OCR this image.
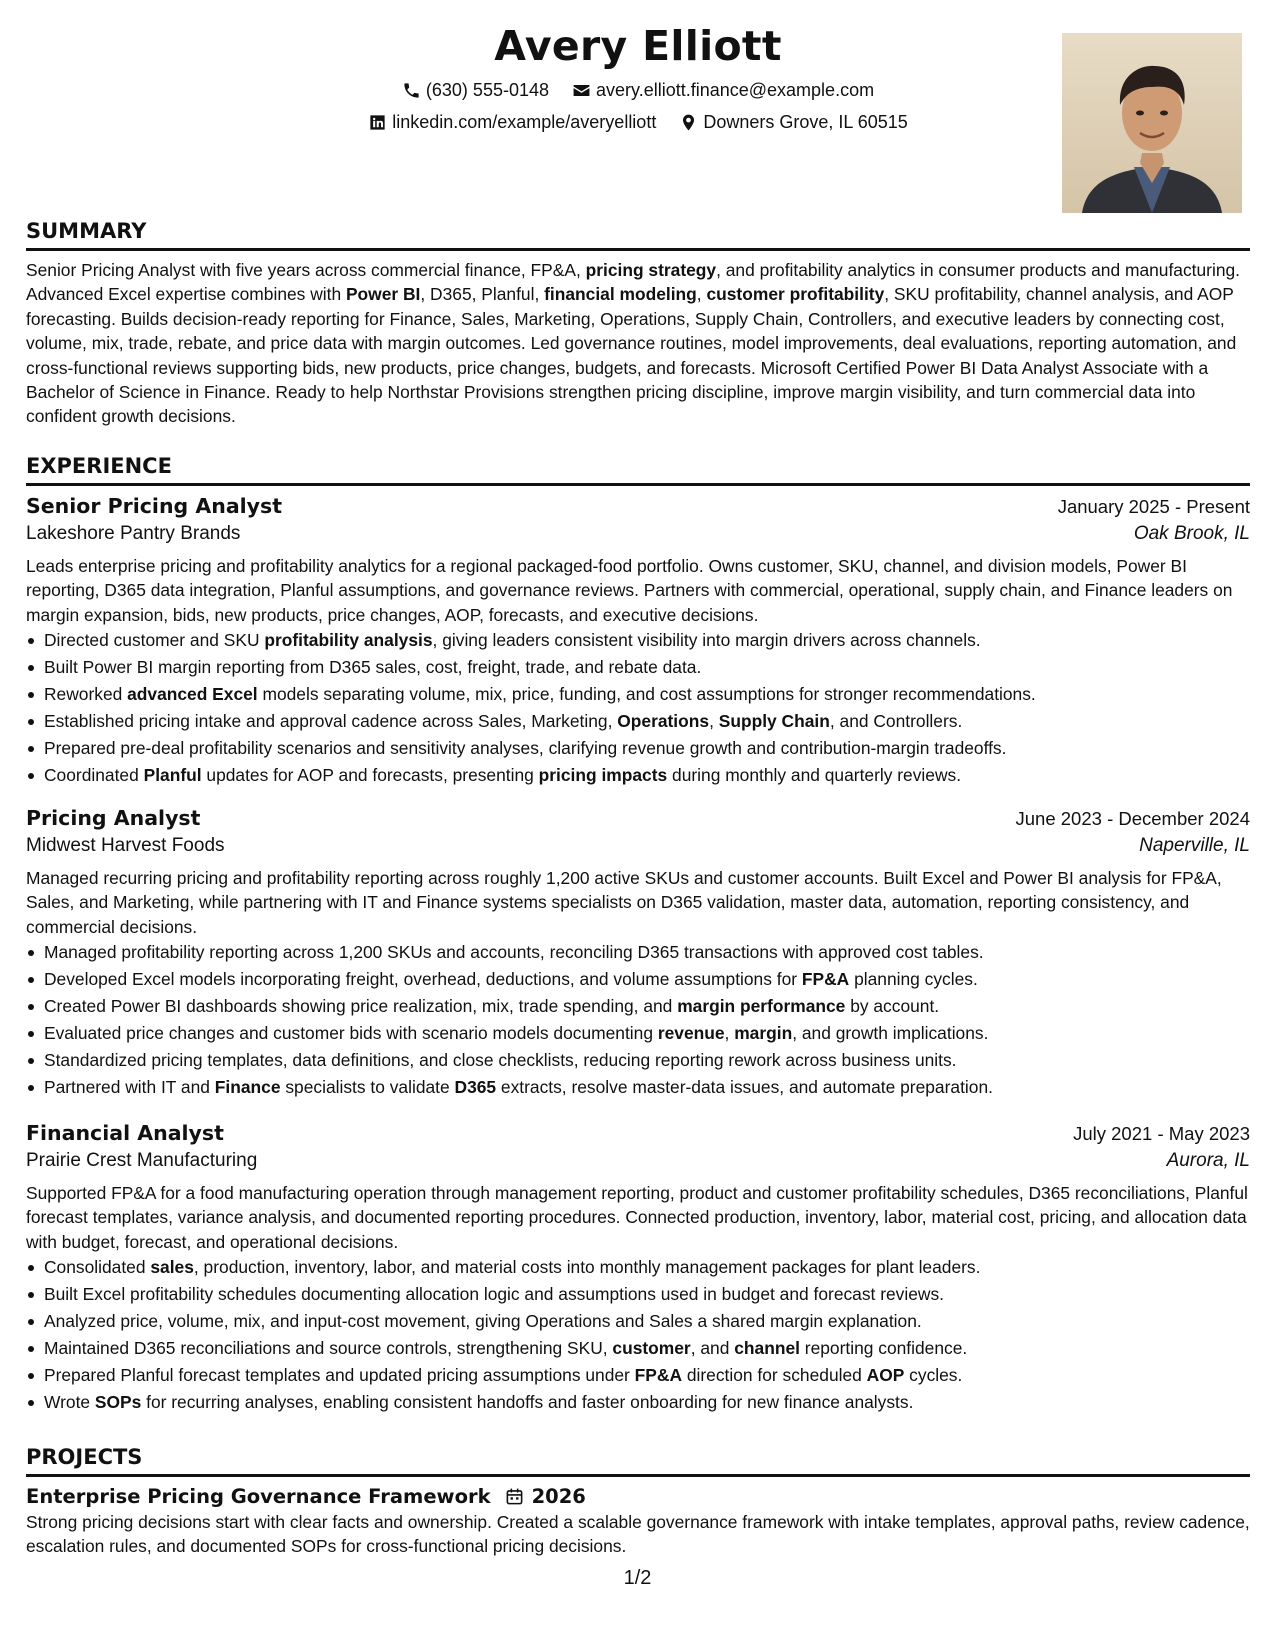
Avery Elliott
(630) 555-0148
	avery.elliott.finance@example.com
linkedin.com/example/averyelliott
	Downers Grove, IL 60515
SUMMARY

Senior Pricing Analyst with five years across commercial finance, FP&A, pricing strategy, and profitability analytics in consumer products and manufacturing. Advanced Excel expertise combines with Power BI, D365, Planful, financial modeling, customer profitability, SKU profitability, channel analysis, and AOP forecasting. Builds decision-ready reporting for Finance, Sales, Marketing, Operations, Supply Chain, Controllers, and executive leaders by connecting cost, volume, mix, trade, rebate, and price data with margin outcomes. Led governance routines, model improvements, deal evaluations, reporting automation, and cross-functional reviews supporting bids, new products, price changes, budgets, and forecasts. Microsoft Certified Power BI Data Analyst Associate with a Bachelor of Science in Finance. Ready to help Northstar Provisions strengthen pricing discipline, improve margin visibility, and turn commercial data into confident growth decisions.

EXPERIENCE
Senior Pricing Analyst	January 2025 - Present
Lakeshore Pantry Brands	Oak Brook, IL

Leads enterprise pricing and profitability analytics for a regional packaged-food portfolio. Owns customer, SKU, channel, and division models, Power BI reporting, D365 data integration, Planful assumptions, and governance reviews. Partners with commercial, operational, supply chain, and Finance leaders on margin expansion, bids, new products, price changes, AOP, forecasts, and executive decisions.

Directed customer and SKU profitability analysis, giving leaders consistent visibility into margin drivers across channels.
Built Power BI margin reporting from D365 sales, cost, freight, trade, and rebate data.
Reworked advanced Excel models separating volume, mix, price, funding, and cost assumptions for stronger recommendations.
Established pricing intake and approval cadence across Sales, Marketing, Operations, Supply Chain, and Controllers.
Prepared pre-deal profitability scenarios and sensitivity analyses, clarifying revenue growth and contribution-margin tradeoffs.
Coordinated Planful updates for AOP and forecasts, presenting pricing impacts during monthly and quarterly reviews.
Pricing Analyst	June 2023 - December 2024
Midwest Harvest Foods	Naperville, IL

Managed recurring pricing and profitability reporting across roughly 1,200 active SKUs and customer accounts. Built Excel and Power BI analysis for FP&A, Sales, and Marketing, while partnering with IT and Finance systems specialists on D365 validation, master data, automation, reporting consistency, and commercial decisions.

Managed profitability reporting across 1,200 SKUs and accounts, reconciling D365 transactions with approved cost tables.
Developed Excel models incorporating freight, overhead, deductions, and volume assumptions for FP&A planning cycles.
Created Power BI dashboards showing price realization, mix, trade spending, and margin performance by account.
Evaluated price changes and customer bids with scenario models documenting revenue, margin, and growth implications.
Standardized pricing templates, data definitions, and close checklists, reducing reporting rework across business units.
Partnered with IT and Finance specialists to validate D365 extracts, resolve master-data issues, and automate preparation.
Financial Analyst	July 2021 - May 2023
Prairie Crest Manufacturing	Aurora, IL

Supported FP&A for a food manufacturing operation through management reporting, product and customer profitability schedules, D365 reconciliations, Planful forecast templates, variance analysis, and documented reporting procedures. Connected production, inventory, labor, material cost, pricing, and allocation data with budget, forecast, and operational decisions.

Consolidated sales, production, inventory, labor, and material costs into monthly management packages for plant leaders.
Built Excel profitability schedules documenting allocation logic and assumptions used in budget and forecast reviews.
Analyzed price, volume, mix, and input-cost movement, giving Operations and Sales a shared margin explanation.
Maintained D365 reconciliations and source controls, strengthening SKU, customer, and channel reporting confidence.
Prepared Planful forecast templates and updated pricing assumptions under FP&A direction for scheduled AOP cycles.
Wrote SOPs for recurring analyses, enabling consistent handoffs and faster onboarding for new finance analysts.
PROJECTS
Enterprise Pricing Governance Framework 2026

Strong pricing decisions start with clear facts and ownership. Created a scalable governance framework with intake templates, approval paths, review cadence, escalation rules, and documented SOPs for cross-functional pricing decisions.

1/2
